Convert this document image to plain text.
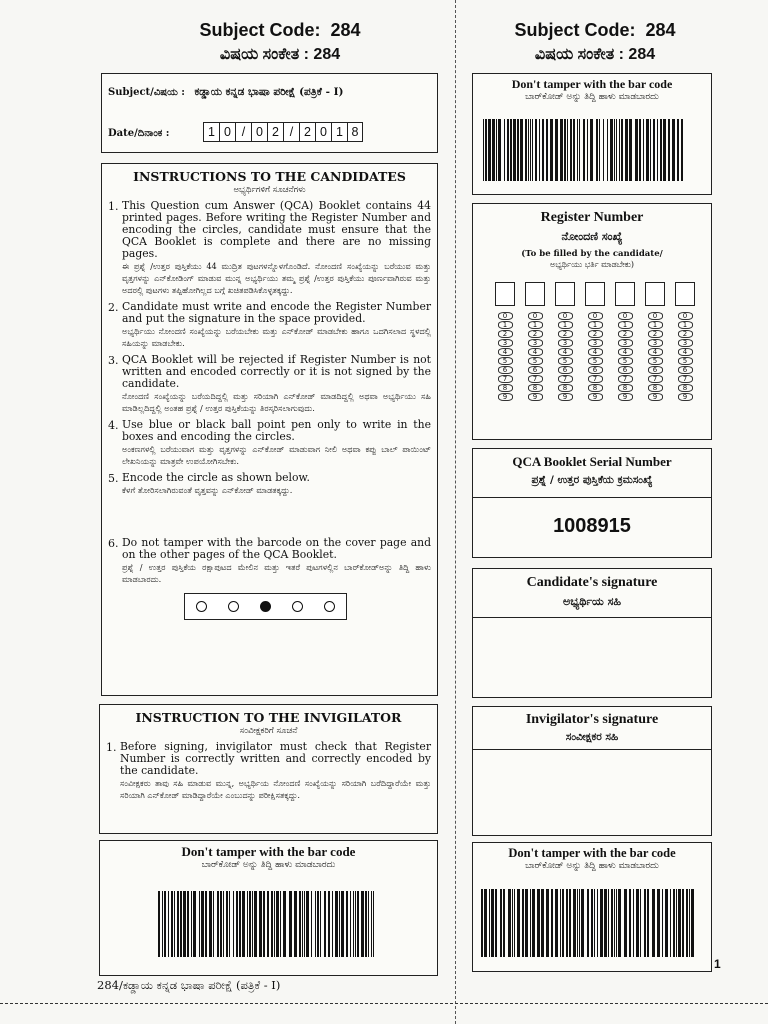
Subject Code: 284
ವಿಷಯ ಸಂಕೇತ : 284
Subject Code: 284
ವಿಷಯ ಸಂಕೇತ : 284
Subject/ವಿಷಯ : ಕಡ್ಡಾಯ ಕನ್ನಡ ಭಾಷಾ ಪರೀಕ್ಷೆ (ಪತ್ರಿಕೆ - I)
Date/ದಿನಾಂಕ :	1 0 / 0 2 / 2 0 1 8
INSTRUCTIONS TO THE CANDIDATES
ಅಭ್ಯರ್ಥಿಗಳಿಗೆ ಸೂಚನೆಗಳು
1. This Question cum Answer (QCA) Booklet contains 44 printed pages. Before writing the Register Number and encoding the circles, candidate must ensure that the QCA Booklet is complete and there are no missing pages.
ಈ ಪ್ರಶ್ನೆ /ಉತ್ತರ ಪುಸ್ತಿಕೆಯು 44 ಮುದ್ರಿತ ಪುಟಗಳನ್ನೊಳಗೊಂಡಿದೆ. ನೋಂದಣಿ ಸಂಖ್ಯೆಯನ್ನು ಬರೆಯುವ ಮತ್ತು ವೃತ್ತಗಳನ್ನು ಎನ್‌ಕೋಡಿಂಗ್ ಮಾಡುವ ಮುನ್ನ ಅಭ್ಯರ್ಥಿಯು ತಮ್ಮ ಪ್ರಶ್ನೆ /ಉತ್ತರ ಪುಸ್ತಿಕೆಯು ಪೂರ್ಣವಾಗಿರುವ ಮತ್ತು ಅದರಲ್ಲಿ ಪುಟಗಳು ತಪ್ಪಿಹೋಗಿಲ್ಲದ ಬಗ್ಗೆ ಖಚಿತಪಡಿಸಿಕೊಳ್ಳತಕ್ಕದ್ದು.
2. Candidate must write and encode the Register Number and put the signature in the space provided.
ಅಭ್ಯರ್ಥಿಯು ನೋಂದಣಿ ಸಂಖ್ಯೆಯನ್ನು ಬರೆಯಬೇಕು ಮತ್ತು ಎನ್‌ಕೋಡ್ ಮಾಡಬೇಕು ಹಾಗೂ ಒದಗಿಸಲಾದ ಸ್ಥಳದಲ್ಲಿ ಸಹಿಯನ್ನು ಮಾಡಬೇಕು.
3. QCA Booklet will be rejected if Register Number is not written and encoded correctly or it is not signed by the candidate.
ನೋಂದಣಿ ಸಂಖ್ಯೆಯನ್ನು ಬರೆಯದಿದ್ದಲ್ಲಿ ಮತ್ತು ಸರಿಯಾಗಿ ಎನ್‌ಕೋಡ್ ಮಾಡದಿದ್ದಲ್ಲಿ ಅಥವಾ ಅಭ್ಯರ್ಥಿಯು ಸಹಿ ಮಾಡಿಲ್ಲದಿದ್ದಲ್ಲಿ ಅಂತಹ ಪ್ರಶ್ನೆ / ಉತ್ತರ ಪುಸ್ತಿಕೆಯನ್ನು ತಿರಸ್ಕರಿಸಲಾಗುವುದು.
4. Use blue or black ball point pen only to write in the boxes and encoding the circles.
ಅಂಕಣಗಳಲ್ಲಿ ಬರೆಯುವಾಗ ಮತ್ತು ವೃತ್ತಗಳನ್ನು ಎನ್‌ಕೋಡ್ ಮಾಡುವಾಗ ನೀಲಿ ಅಥವಾ ಕಪ್ಪು ಬಾಲ್ ಪಾಯಿಂಟ್ ಲೇಖನಿಯನ್ನು ಮಾತ್ರವೇ ಉಪಯೋಗಿಸಬೇಕು.
5. Encode the circle as shown below.
ಕೆಳಗೆ ತೋರಿಸಲಾಗಿರುವಂತೆ ವೃತ್ತವನ್ನು ಎನ್‌ಕೋಡ್ ಮಾಡತಕ್ಕದ್ದು.
6. Do not tamper with the barcode on the cover page and on the other pages of the QCA Booklet.
ಪ್ರಶ್ನೆ / ಉತ್ತರ ಪುಸ್ತಿಕೆಯ ರಕ್ಷಾಪುಟದ ಮೇಲಿನ ಮತ್ತು ಇತರೆ ಪುಟಗಳಲ್ಲಿನ ಬಾರ್‌ಕೋಡ್‌ಅನ್ನು ತಿದ್ದಿ ಹಾಳು ಮಾಡಬಾರದು.
INSTRUCTION TO THE INVIGILATOR
ಸಂವೀಕ್ಷಕರಿಗೆ ಸೂಚನೆ
1. Before signing, invigilator must check that Register Number is correctly written and correctly encoded by the candidate.
ಸಂವೀಕ್ಷಕರು ತಾವು ಸಹಿ ಮಾಡುವ ಮುನ್ನ, ಅಭ್ಯರ್ಥಿಯ ನೋಂದಣಿ ಸಂಖ್ಯೆಯನ್ನು ಸರಿಯಾಗಿ ಬರೆದಿದ್ದಾರೆಯೇ ಮತ್ತು ಸರಿಯಾಗಿ ಎನ್‌ಕೋಡ್ ಮಾಡಿದ್ದಾರೆಯೇ ಎಂಬುದನ್ನು ಪರೀಕ್ಷಿಸತಕ್ಕದ್ದು.
Don't tamper with the bar code
ಬಾರ್‌ಕೋಡ್ ಅನ್ನು ತಿದ್ದಿ ಹಾಳು ಮಾಡಬಾರದು
Don't tamper with the bar code
ಬಾರ್‌ಕೋಡ್ ಅನ್ನು ತಿದ್ದಿ ಹಾಳು ಮಾಡಬಾರದು
Register Number
ನೋಂದಣಿ ಸಂಖ್ಯೆ
(To be filled by the candidate/
ಅಭ್ಯರ್ಥಿಯು ಭರ್ತಿ ಮಾಡಬೇಕು)
0
1
2
3
4
5
6
7
8
9
0
1
2
3
4
5
6
7
8
9
0
1
2
3
4
5
6
7
8
9
0
1
2
3
4
5
6
7
8
9
0
1
2
3
4
5
6
7
8
9
0
1
2
3
4
5
6
7
8
9
0
1
2
3
4
5
6
7
8
9
QCA Booklet Serial Number
ಪ್ರಶ್ನೆ / ಉತ್ತರ ಪುಸ್ತಿಕೆಯ ಕ್ರಮಸಂಖ್ಯೆ
1008915
Candidate's signature
ಅಭ್ಯರ್ಥಿಯ ಸಹಿ
Invigilator's signature
ಸಂವೀಕ್ಷಕರ ಸಹಿ
Don't tamper with the bar code
ಬಾರ್‌ಕೋಡ್ ಅನ್ನು ತಿದ್ದಿ ಹಾಳು ಮಾಡಬಾರದು
284/ಕಡ್ಡಾಯ ಕನ್ನಡ ಭಾಷಾ ಪರೀಕ್ಷೆ (ಪತ್ರಿಕೆ - I)
1
